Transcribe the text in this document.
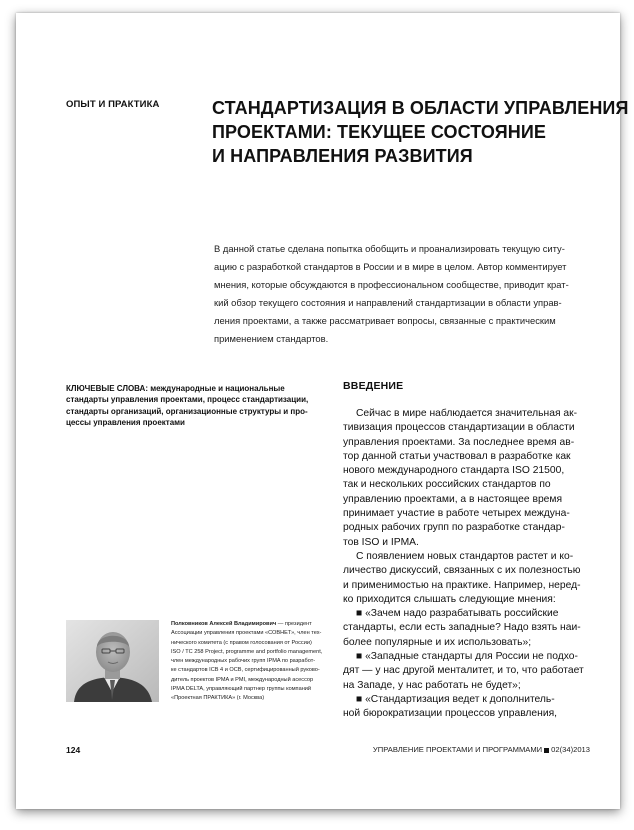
ОПЫТ И ПРАКТИКА	СТАНДАРТИЗАЦИЯ В ОБЛАСТИ УПРАВЛЕНИЯ
ПРОЕКТАМИ: ТЕКУЩЕЕ СОСТОЯНИЕ
И НАПРАВЛЕНИЯ РАЗВИТИЯ
В данной статье сделана попытка обобщить и проанализировать текущую ситу-
ацию с разработкой стандартов в России и в мире в целом. Автор комментирует
мнения, которые обсуждаются в профессиональном сообществе, приводит крат-
кий обзор текущего состояния и направлений стандартизации в области управ-
ления проектами, а также рассматривает вопросы, связанные с практическим
применением стандартов.
КЛЮЧЕВЫЕ СЛОВА: международные и национальные
стандарты управления проектами, процесс стандартизации,
стандарты организаций, организационные структуры и про-
цессы управления проектами
ВВЕДЕНИЕ
Сейчас в мире наблюдается значительная ак-
тивизация процессов стандартизации в области
управления проектами. За последнее время ав-
тор данной статьи участвовал в разработке как
нового международного стандарта ISO 21500,
так и нескольких российских стандартов по
управлению проектами, а в настоящее время
принимает участие в работе четырех междуна-
родных рабочих групп по разработке стандар-
тов ISO и IPMA.
С появлением новых стандартов растет и ко-
личество дискуссий, связанных с их полезностью
и применимостью на практике. Например, неред-
ко приходится слышать следующие мнения:
■ «Зачем надо разрабатывать российские
стандарты, если есть западные? Надо взять наи-
более популярные и их использовать»;
■ «Западные стандарты для России не подхо-
дят — у нас другой менталитет, и то, что работает
на Западе, у нас работать не будет»;
■ «Стандартизация ведет к дополнитель-
ной бюрократизации процессов управления,
Полковников Алексей Владимирович — президент
Ассоциации управления проектами «СОВНЕТ», член тех-
нического комитета (с правом голосования от России)
ISO / TC 258 Project, programme and portfolio management,
член международных рабочих групп IPMA по разработ-
ке стандартов ICB 4 и OCB, сертифицированный руково-
дитель проектов IPMA и PMI, международный асессор
IPMA DELTA, управляющий партнер группы компаний
«Проектная ПРАКТИКА» (г. Москва)
124	УПРАВЛЕНИЕ ПРОЕКТАМИ И ПРОГРАММАМИ 02(34)2013
